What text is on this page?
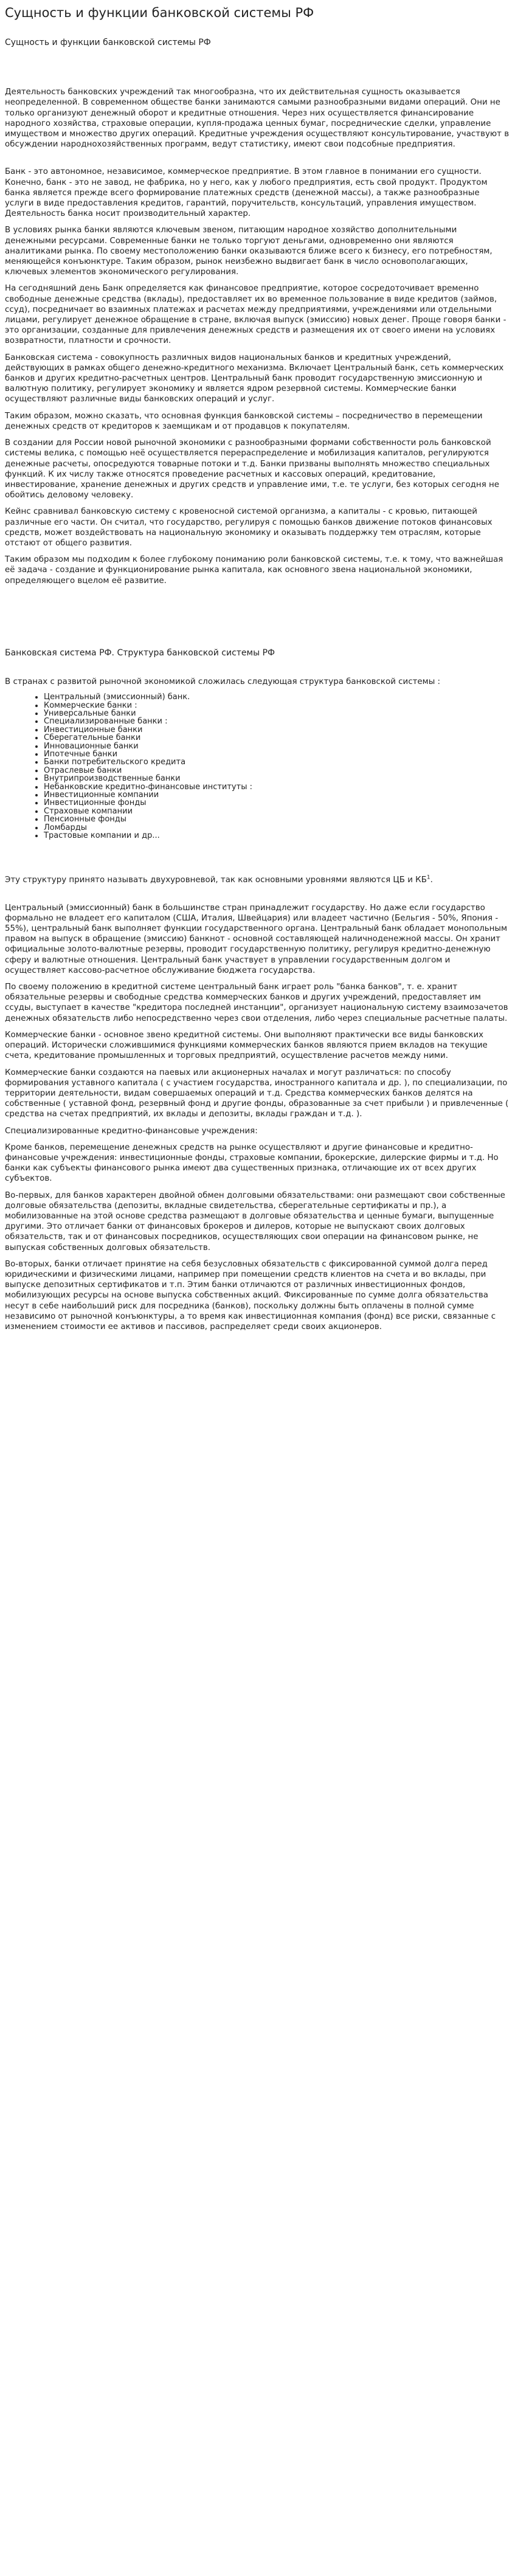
Сущность и функции банковской системы РФ
Сущность и функции банковской системы РФ

Деятельность банковских учреждений так многообразна, что их действительная сущность оказывается неопределенной. В современном обществе банки занимаются самыми разнообразными видами операций. Они не только организуют денежный оборот и кредитные отношения. Через них осуществляется финансирование народного хозяйства, страховые операции, купля-продажа ценных бумаг, посреднические сделки, управление имуществом и множество других операций. Кредитные учреждения осуществляют консультирование, участвуют в обсуждении народнохозяйственных программ, ведут статистику, имеют свои подсобные предприятия.

Банк - это автономное, независимое, коммерческое предприятие. В этом главное в понимании его сущности. Конечно, банк - это не завод, не фабрика, но у него, как у любого предприятия, есть свой продукт. Продуктом банка является прежде всего формирование платежных средств (денежной массы), а также разнообразные услуги в виде предоставления кредитов, гарантий, поручительств, консультаций, управления имуществом. Деятельность банка носит производительный характер.

В условиях рынка банки являются ключевым звеном, питающим народное хозяйство дополнительными денежными ресурсами. Современные банки не только торгуют деньгами, одновременно они являются аналитиками рынка. По своему местоположению банки оказываются ближе всего к бизнесу, его потребностям, меняющейся конъюнктуре. Таким образом, рынок неизбежно выдвигает банк в число основополагающих, ключевых элементов экономического регулирования.

На сегодняшний день Банк определяется как финансовое предприятие, которое сосредоточивает временно свободные денежные средства (вклады), предоставляет их во временное пользование в виде кредитов (займов, ссуд), посредничает во взаимных платежах и расчетах между предприятиями, учреждениями или отдельными лицами, регулирует денежное обращение в стране, включая выпуск (эмиссию) новых денег. Проще говоря банки - это организации, созданные для привлечения денежных средств и размещения их от своего имени на условиях возвратности, платности и срочности.

Банковская система - совокупность различных видов национальных банков и кредитных учреждений, действующих в рамках общего денежно-кредитного механизма. Включает Центральный банк, сеть коммерческих банков и других кредитно-расчетных центров. Центральный банк проводит государственную эмиссионную и валютную политику, регулирует экономику и является ядром резервной системы. Коммерческие банки осуществляют различные виды банковских операций и услуг.

Таким образом, можно сказать, что основная функция банковской системы – посредничество в перемещении денежных средств от кредиторов к заемщикам и от продавцов к покупателям.

В создании для России новой рыночной экономики с разнообразными формами собственности роль банковской системы велика, с помощью неё осуществляется перераспределение и мобилизация капиталов, регулируются денежные расчеты, опосредуются товарные потоки и т.д. Банки призваны выполнять множество специальных функций. К их числу также относятся проведение расчетных и кассовых операций, кредитование, инвестирование, хранение денежных и других средств и управление ими, т.е. те услуги, без которых сегодня не обойтись деловому человеку.

Кейнс сравнивал банковскую систему с кровеносной системой организма, а капиталы - с кровью, питающей различные его части. Он считал, что государство, регулируя с помощью банков движение потоков финансовых средств, может воздействовать на национальную экономику и оказывать поддержку тем отраслям, которые отстают от общего развития.

Таким образом мы подходим к более глубокому пониманию роли банковской системы, т.е. к тому, что важнейшая её задача - создание и функционирование рынка капитала, как основного звена национальной экономики, определяющего вцелом её развитие.

Банковская система РФ. Структура банковской системы РФ

В странах с развитой рыночной экономикой сложилась следующая структура банковской системы :

• Центральный (эмиссионный) банк.
• Коммерческие банки :
• Универсальные банки
• Специализированные банки :
• Инвестиционные банки
• Сберегательные банки
• Инновационные банки
• Ипотечные банки
• Банки потребительского кредита
• Отраслевые банки
• Внутрипроизводственные банки
• Небанковские кредитно-финансовые институты :
• Инвестиционные компании
• Инвестиционные фонды
• Страховые компании
• Пенсионные фонды
• Ломбарды
• Трастовые компании и др...

Эту структуру принято называть двухуровневой, так как основными уровнями являются ЦБ и $КБ^1$.

Центральный (эмиссионный) банк в большинстве стран принадлежит государству. Но даже если государство формально не владеет его капиталом (США, Италия, Швейцария) или владеет частично (Бельгия - 50%, Япония - 55%), центральный банк выполняет функции государственного органа. Центральный банк обладает монопольным правом на выпуск в обращение (эмиссию) банкнот - основной составляющей наличноденежной массы. Он хранит официальные золото-валютные резервы, проводит государственную политику, регулируя кредитно-денежную сферу и валютные отношения. Центральный банк участвует в управлении государственным долгом и осуществляет кассово-расчетное обслуживание бюджета государства.

По своему положению в кредитной системе центральный банк играет роль "банка банков", т. е. хранит обязательные резервы и свободные средства коммерческих банков и других учреждений, предоставляет им ссуды, выступает в качестве "кредитора последней инстанции", организует национальную систему взаимозачетов денежных обязательств либо непосредственно через свои отделения, либо через специальные расчетные палаты.

Коммерческие банки - основное звено кредитной системы. Они выполняют практически все виды банковских операций. Исторически сложившимися функциями коммерческих банков являются прием вкладов на текущие счета, кредитование промышленных и торговых предприятий, осуществление расчетов между ними.

Коммерческие банки создаются на паевых или акционерных началах и могут различаться: по способу формирования уставного капитала ( с участием государства, иностранного капитала и др. ), по специализации, по территории деятельности, видам совершаемых операций и т.д. Средства коммерческих банков делятся на собственные ( уставной фонд, резервный фонд и другие фонды, образованные за счет прибыли ) и привлеченные ( средства на счетах предприятий, их вклады и депозиты, вклады граждан и т.д. ).

Специализированные кредитно-финансовые учреждения:

Кроме банков, перемещение денежных средств на рынке осуществляют и другие финансовые и кредитно-финансовые учреждения: инвестиционные фонды, страховые компании, брокерские, дилерские фирмы и т.д. Но банки как субъекты финансового рынка имеют два существенных признака, отличающие их от всех других субъектов.

Во-первых, для банков характерен двойной обмен долговыми обязательствами: они размещают свои собственные долговые обязательства (депозиты, вкладные свидетельства, сберегательные сертификаты и пр.), а мобилизованные на этой основе средства размещают в долговые обязательства и ценные бумаги, выпущенные другими. Это отличает банки от финансовых брокеров и дилеров, которые не выпускают своих долговых обязательств, так и от финансовых посредников, осуществляющих свои операции на финансовом рынке, не выпуская собственных долговых обязательств.

Во-вторых, банки отличает принятие на себя безусловных обязательств с фиксированной суммой долга перед юридическими и физическими лицами, например при помещении средств клиентов на счета и во вклады, при выпуске депозитных сертификатов и т.п. Этим банки отличаются от различных инвестиционных фондов, мобилизующих ресурсы на основе выпуска собственных акций. Фиксированные по сумме долга обязательства несут в себе наибольший риск для посредника (банков), поскольку должны быть оплачены в полной сумме независимо от рыночной конъюнктуры, а то время как инвестиционная компания (фонд) все риски, связанные с изменением стоимости ее активов и пассивов, распределяет среди своих акционеров.
